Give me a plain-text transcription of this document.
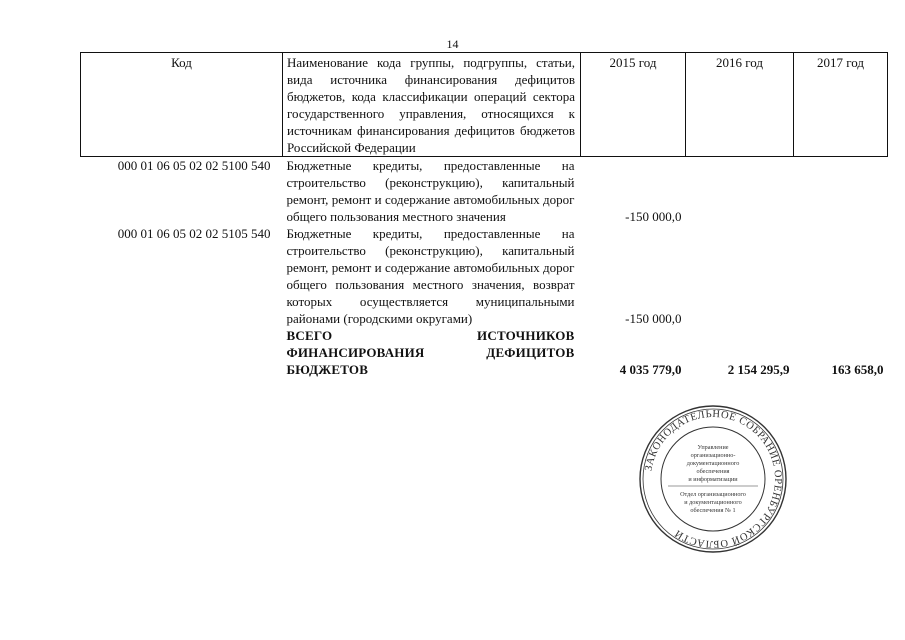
14
Код	Наименование кода группы, подгруппы, статьи, вида источника финансирования дефицитов бюджетов, кода классификации операций сектора государственного управления, относящихся к источникам финансирования дефицитов бюджетов Российской Федерации	2015 год	2016 год	2017 год
000 01 06 05 02 02 5100 540	Бюджетные кредиты, предоставленные на строительство (реконструкцию), капитальный ремонт, ремонт и содержание автомобильных дорог общего пользования местного значения	-150 000,0		
000 01 06 05 02 02 5105 540	Бюджетные кредиты, предоставленные на строительство (реконструкцию), капитальный ремонт, ремонт и содержание автомобильных дорог общего пользования местного значения, возврат которых осуществляется муниципальными районами (городскими округами)	-150 000,0		
	ВСЕГО ИСТОЧНИКОВ ФИНАНСИРОВАНИЯ ДЕФИЦИТОВ БЮДЖЕТОВ	4 035 779,0	2 154 295,9	163 658,0
ЗАКОНОДАТЕЛЬНОЕ СОБРАНИЕ ОРЕНБУРГСКОЙ ОБЛАСТИ
Управление
организационно-
документационного
обеспечения
и информатизации
Отдел организационного
и документационного
обеспечения № 1
